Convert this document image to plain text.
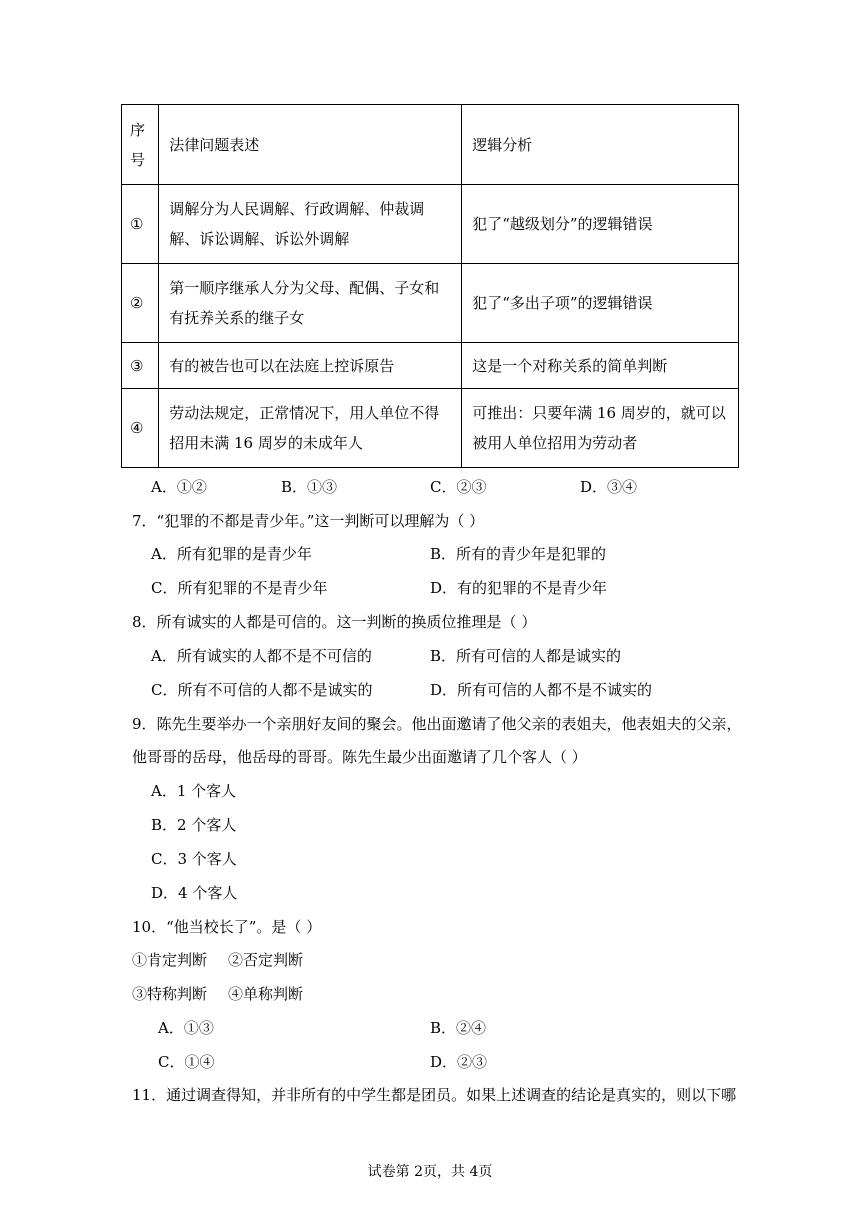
序号	法律问题表述	逻辑分析
①	调解分为人民调解、行政调解、仲裁调解、诉讼调解、诉讼外调解	犯了“越级划分”的逻辑错误
②	第一顺序继承人分为父母、配偶、子女和有抚养关系的继子女	犯了“多出子项”的逻辑错误
③	有的被告也可以在法庭上控诉原告	这是一个对称关系的简单判断
④	劳动法规定，正常情况下，用人单位不得招用未满 16 周岁的未成年人	可推出：只要年满 16 周岁的，就可以被用人单位招用为劳动者
A．①②	B．①③	C．②③	D．③④
7．“犯罪的不都是青少年。”这一判断可以理解为（ ）
A．所有犯罪的是青少年	B．所有的青少年是犯罪的
C．所有犯罪的不是青少年	D．有的犯罪的不是青少年
8．所有诚实的人都是可信的。这一判断的换质位推理是（ ）
A．所有诚实的人都不是不可信的	B．所有可信的人都是诚实的
C．所有不可信的人都不是诚实的	D．所有可信的人都不是不诚实的
9．陈先生要举办一个亲朋好友间的聚会。他出面邀请了他父亲的表姐夫，他表姐夫的父亲，
他哥哥的岳母，他岳母的哥哥。陈先生最少出面邀请了几个客人（ ）
A．1 个客人
B．2 个客人
C．3 个客人
D．4 个客人
10．“他当校长了”。是（ ）
①肯定判断 ②否定判断
③特称判断 ④单称判断
A．①③	B．②④
C．①④	D．②③
11．通过调查得知，并非所有的中学生都是团员。如果上述调查的结论是真实的，则以下哪
试卷第 2页，共 4页
